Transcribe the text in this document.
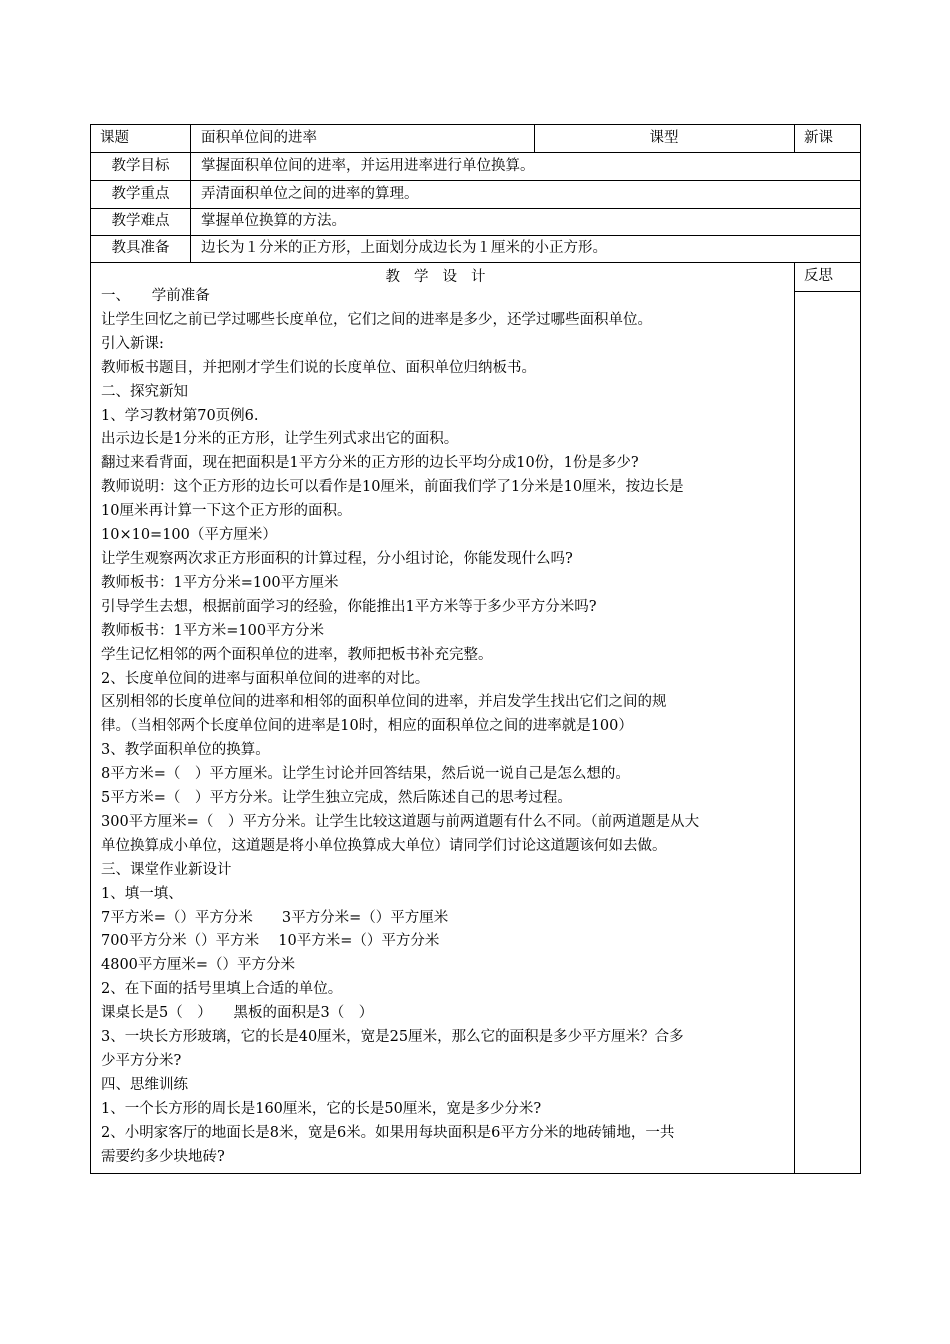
课题	面积单位间的进率	课型	新课
教学目标	掌握面积单位间的进率，并运用进率进行单位换算。
教学重点	弄清面积单位之间的进率的算理。
教学难点	掌握单位换算的方法。
教具准备	边长为１分米的正方形，上面划分成边长为１厘米的小正方形。
教学设计	反思

一、　　学前准备

让学生回忆之前已学过哪些长度单位，它们之间的进率是多少，还学过哪些面积单位。

引入新课:

教师板书题目，并把刚才学生们说的长度单位、面积单位归纳板书。

二、探究新知

1、学习教材第70页例6.

出示边长是1分米的正方形，让学生列式求出它的面积。

翻过来看背面，现在把面积是1平方分米的正方形的边长平均分成10份，1份是多少?

教师说明：这个正方形的边长可以看作是10厘米，前面我们学了1分米是10厘米，按边长是

10厘米再计算一下这个正方形的面积。

10×10=100（平方厘米）

让学生观察两次求正方形面积的计算过程，分小组讨论，你能发现什么吗?

教师板书：1平方分米=100平方厘米

引导学生去想，根据前面学习的经验，你能推出1平方米等于多少平方分米吗?

教师板书：1平方米=100平方分米

学生记忆相邻的两个面积单位的进率，教师把板书补充完整。

2、长度单位间的进率与面积单位间的进率的对比。

区别相邻的长度单位间的进率和相邻的面积单位间的进率，并启发学生找出它们之间的规

律。（当相邻两个长度单位间的进率是10时，相应的面积单位之间的进率就是100）

3、教学面积单位的换算。

8平方米=（　）平方厘米。让学生讨论并回答结果，然后说一说自己是怎么想的。

5平方米=（　）平方分米。让学生独立完成，然后陈述自己的思考过程。

300平方厘米=（　）平方分米。让学生比较这道题与前两道题有什么不同。（前两道题是从大

单位换算成小单位，这道题是将小单位换算成大单位）请同学们讨论这道题该何如去做。

三、课堂作业新设计

1、填一填、

7平方米=（）平方分米　　3平方分米=（）平方厘米

700平方分米（）平方米　 10平方米=（）平方分米

4800平方厘米=（）平方分米

2、在下面的括号里填上合适的单位。

课桌长是5（　）　　黑板的面积是3（　）

3、一块长方形玻璃，它的长是40厘米，宽是25厘米，那么它的面积是多少平方厘米？合多

少平方分米?

四、思维训练

1、一个长方形的周长是160厘米，它的长是50厘米，宽是多少分米?

2、小明家客厅的地面长是8米，宽是6米。如果用每块面积是6平方分米的地砖铺地，一共

需要约多少块地砖?
